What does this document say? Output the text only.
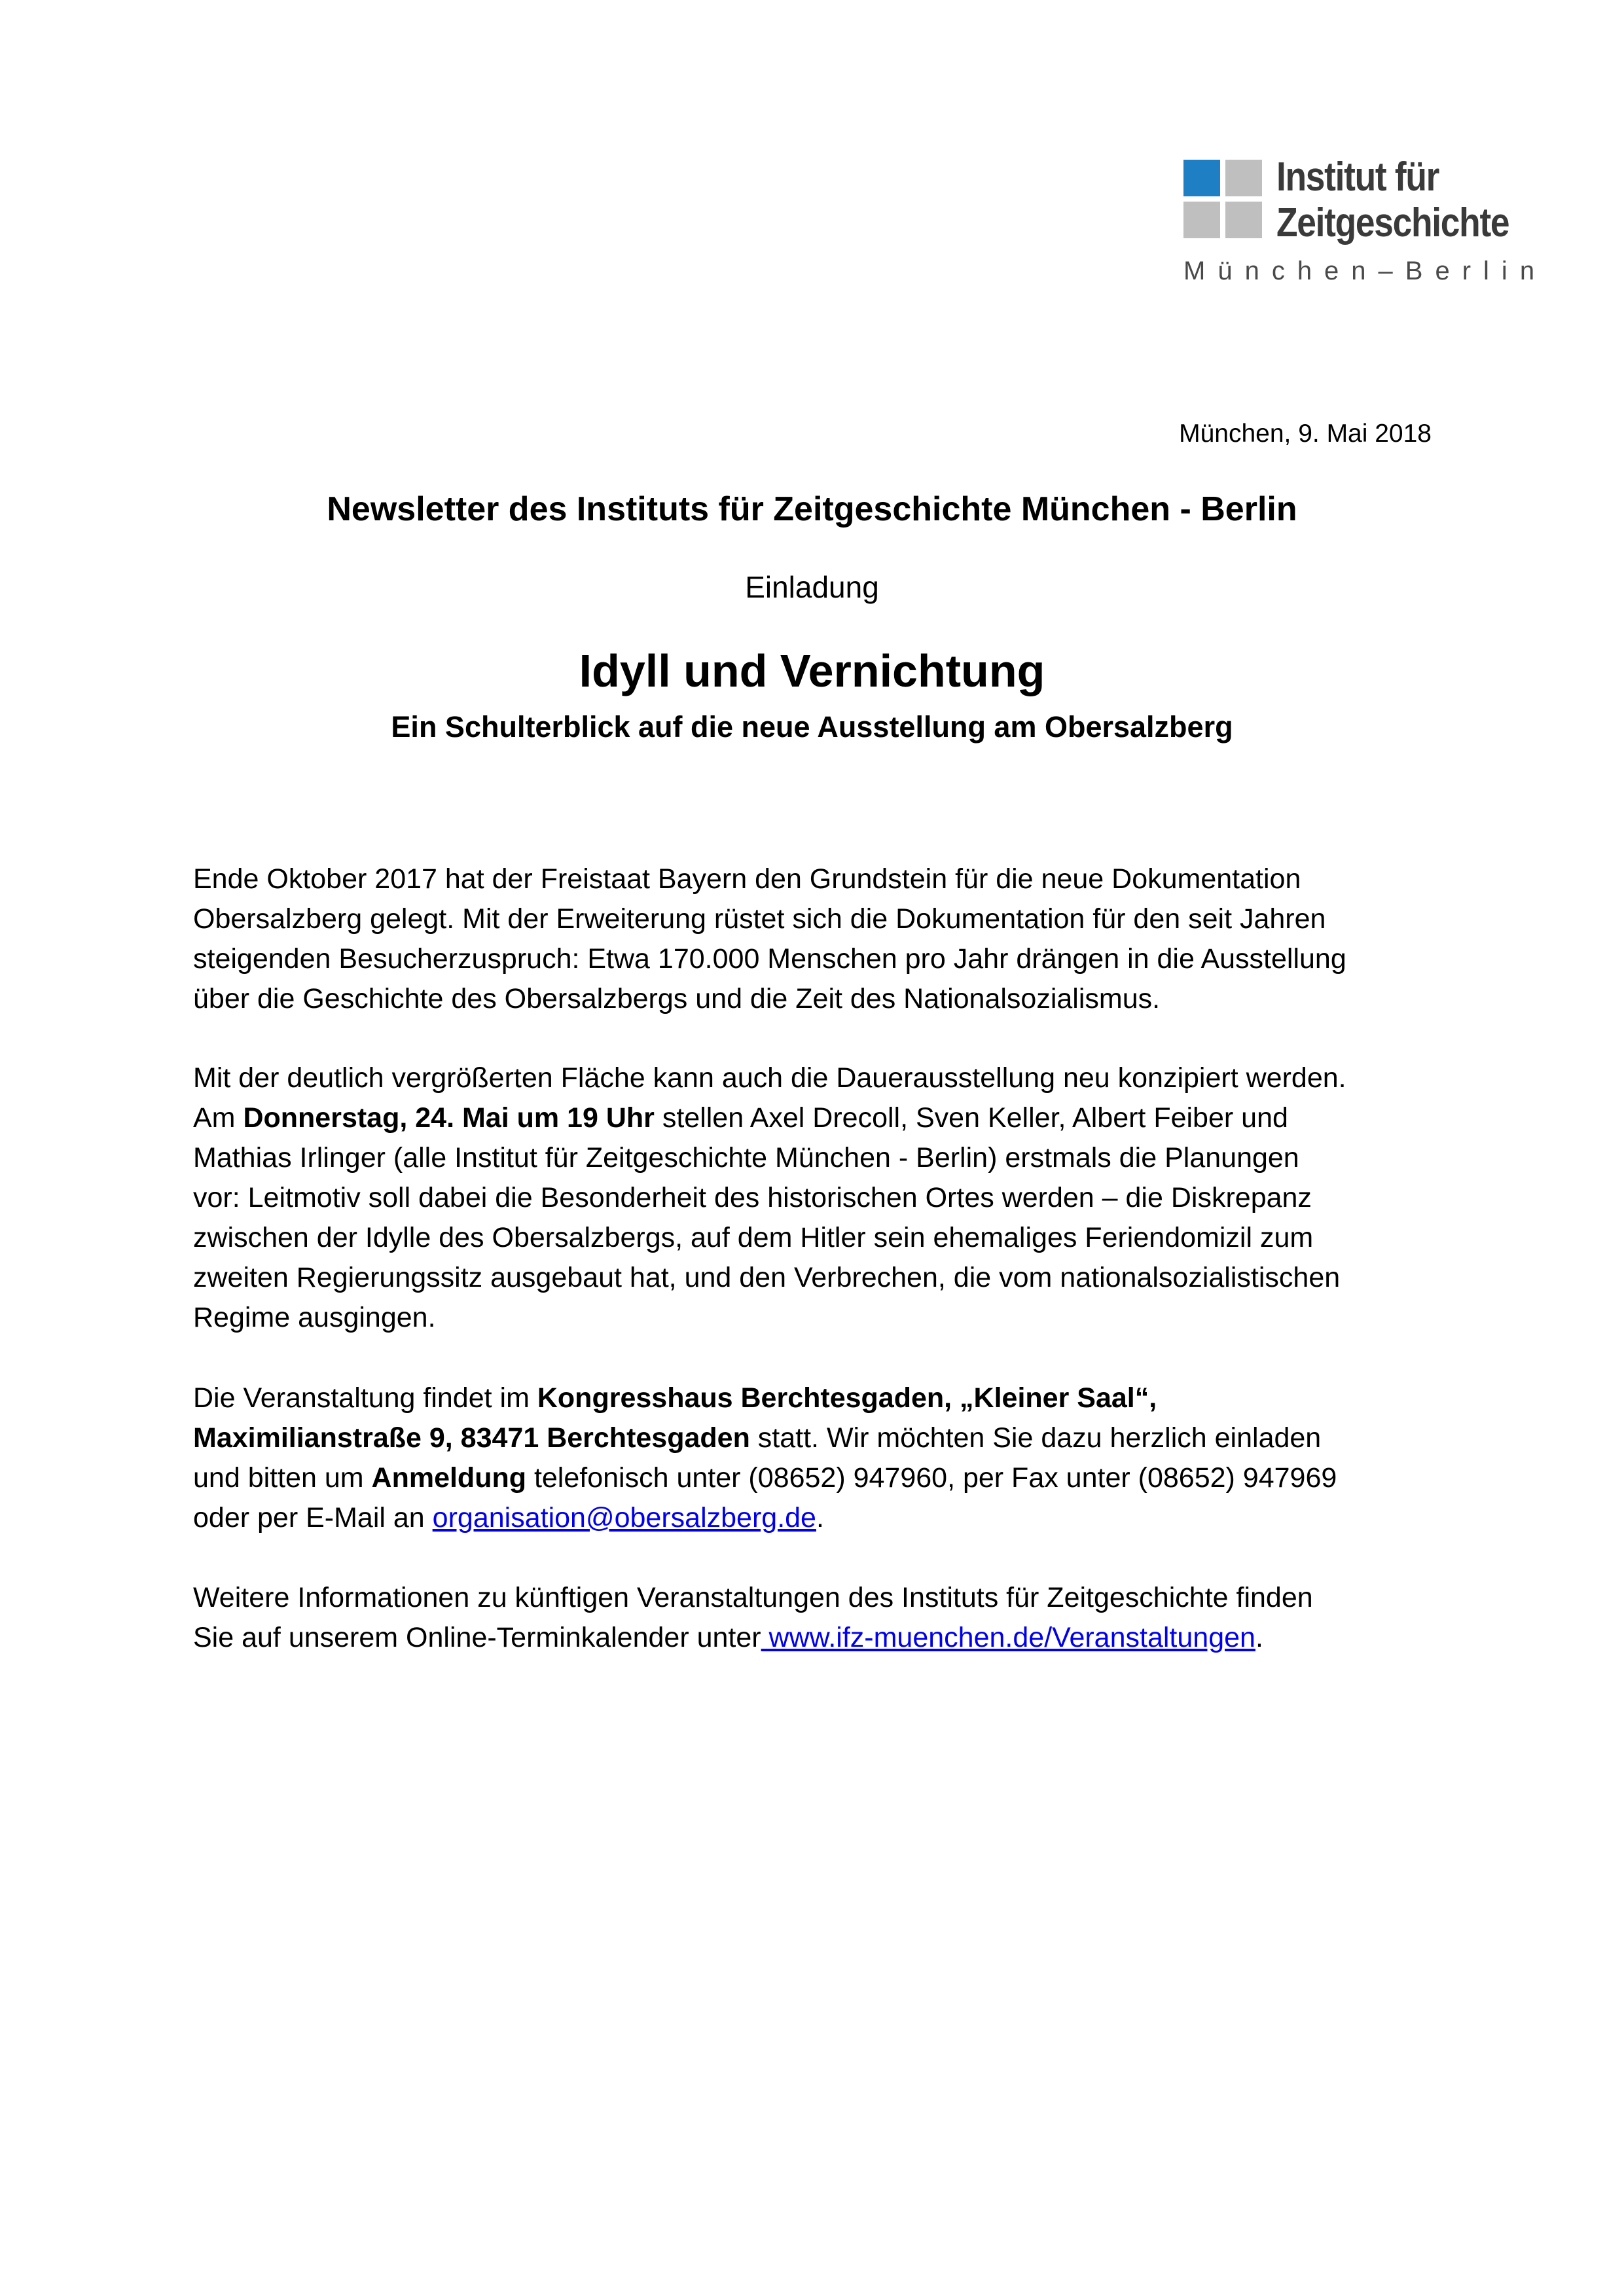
Institut für
Zeitgeschichte
München–Berlin
München, 9. Mai 2018
Newsletter des Instituts für Zeitgeschichte München - Berlin
Einladung
Idyll und Vernichtung
Ein Schulterblick auf die neue Ausstellung am Obersalzberg
Ende Oktober 2017 hat der Freistaat Bayern den Grundstein für die neue Dokumentation
Obersalzberg gelegt. Mit der Erweiterung rüstet sich die Dokumentation für den seit Jahren
steigenden Besucherzuspruch: Etwa 170.000 Menschen pro Jahr drängen in die Ausstellung
über die Geschichte des Obersalzbergs und die Zeit des Nationalsozialismus.
Mit der deutlich vergrößerten Fläche kann auch die Dauerausstellung neu konzipiert werden.
Am Donnerstag, 24. Mai um 19 Uhr stellen Axel Drecoll, Sven Keller, Albert Feiber und
Mathias Irlinger (alle Institut für Zeitgeschichte München - Berlin) erstmals die Planungen
vor: Leitmotiv soll dabei die Besonderheit des historischen Ortes werden – die Diskrepanz
zwischen der Idylle des Obersalzbergs, auf dem Hitler sein ehemaliges Feriendomizil zum
zweiten Regierungssitz ausgebaut hat, und den Verbrechen, die vom nationalsozialistischen
Regime ausgingen.
Die Veranstaltung findet im Kongresshaus Berchtesgaden, „Kleiner Saal“,
Maximilianstraße 9, 83471 Berchtesgaden statt. Wir möchten Sie dazu herzlich einladen
und bitten um Anmeldung telefonisch unter (08652) 947960, per Fax unter (08652) 947969
oder per E-Mail an organisation@obersalzberg.de.
Weitere Informationen zu künftigen Veranstaltungen des Instituts für Zeitgeschichte finden
Sie auf unserem Online-Terminkalender unter www.ifz-muenchen.de/Veranstaltungen.
